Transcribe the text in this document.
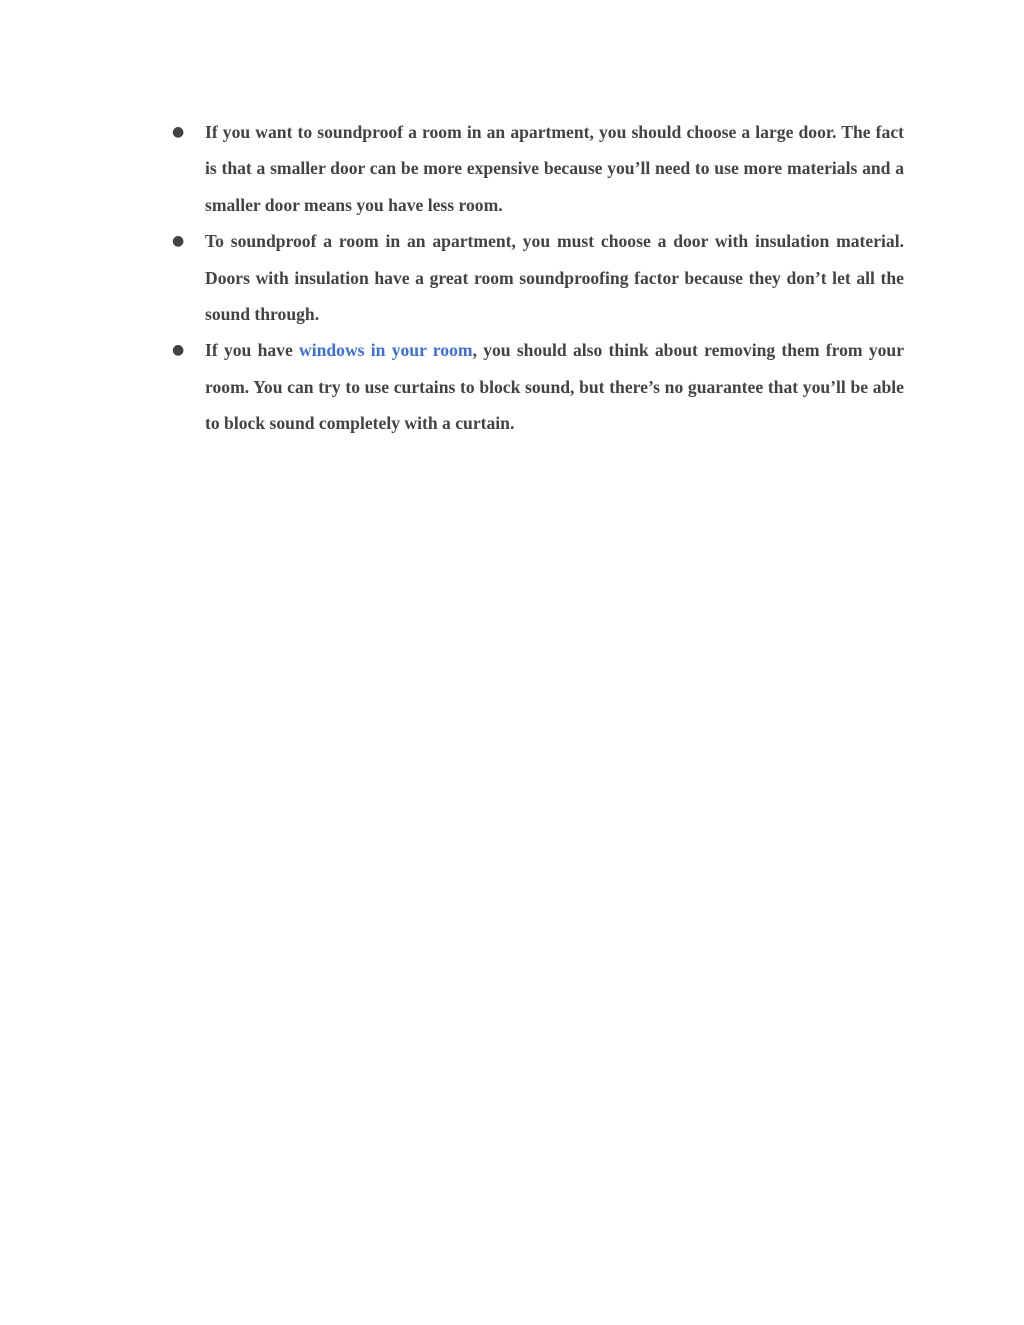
●	If you want to soundproof a room in an apartment, you should choose a large door. The fact is that a smaller door can be more expensive because you’ll need to use more materials and a smaller door means you have less room.
●	To soundproof a room in an apartment, you must choose a door with insulation material. Doors with insulation have a great room soundproofing factor because they don’t let all the sound through.
●	If you have windows in your room, you should also think about removing them from your room. You can try to use curtains to block sound, but there’s no guarantee that you’ll be able to block sound completely with a curtain.
